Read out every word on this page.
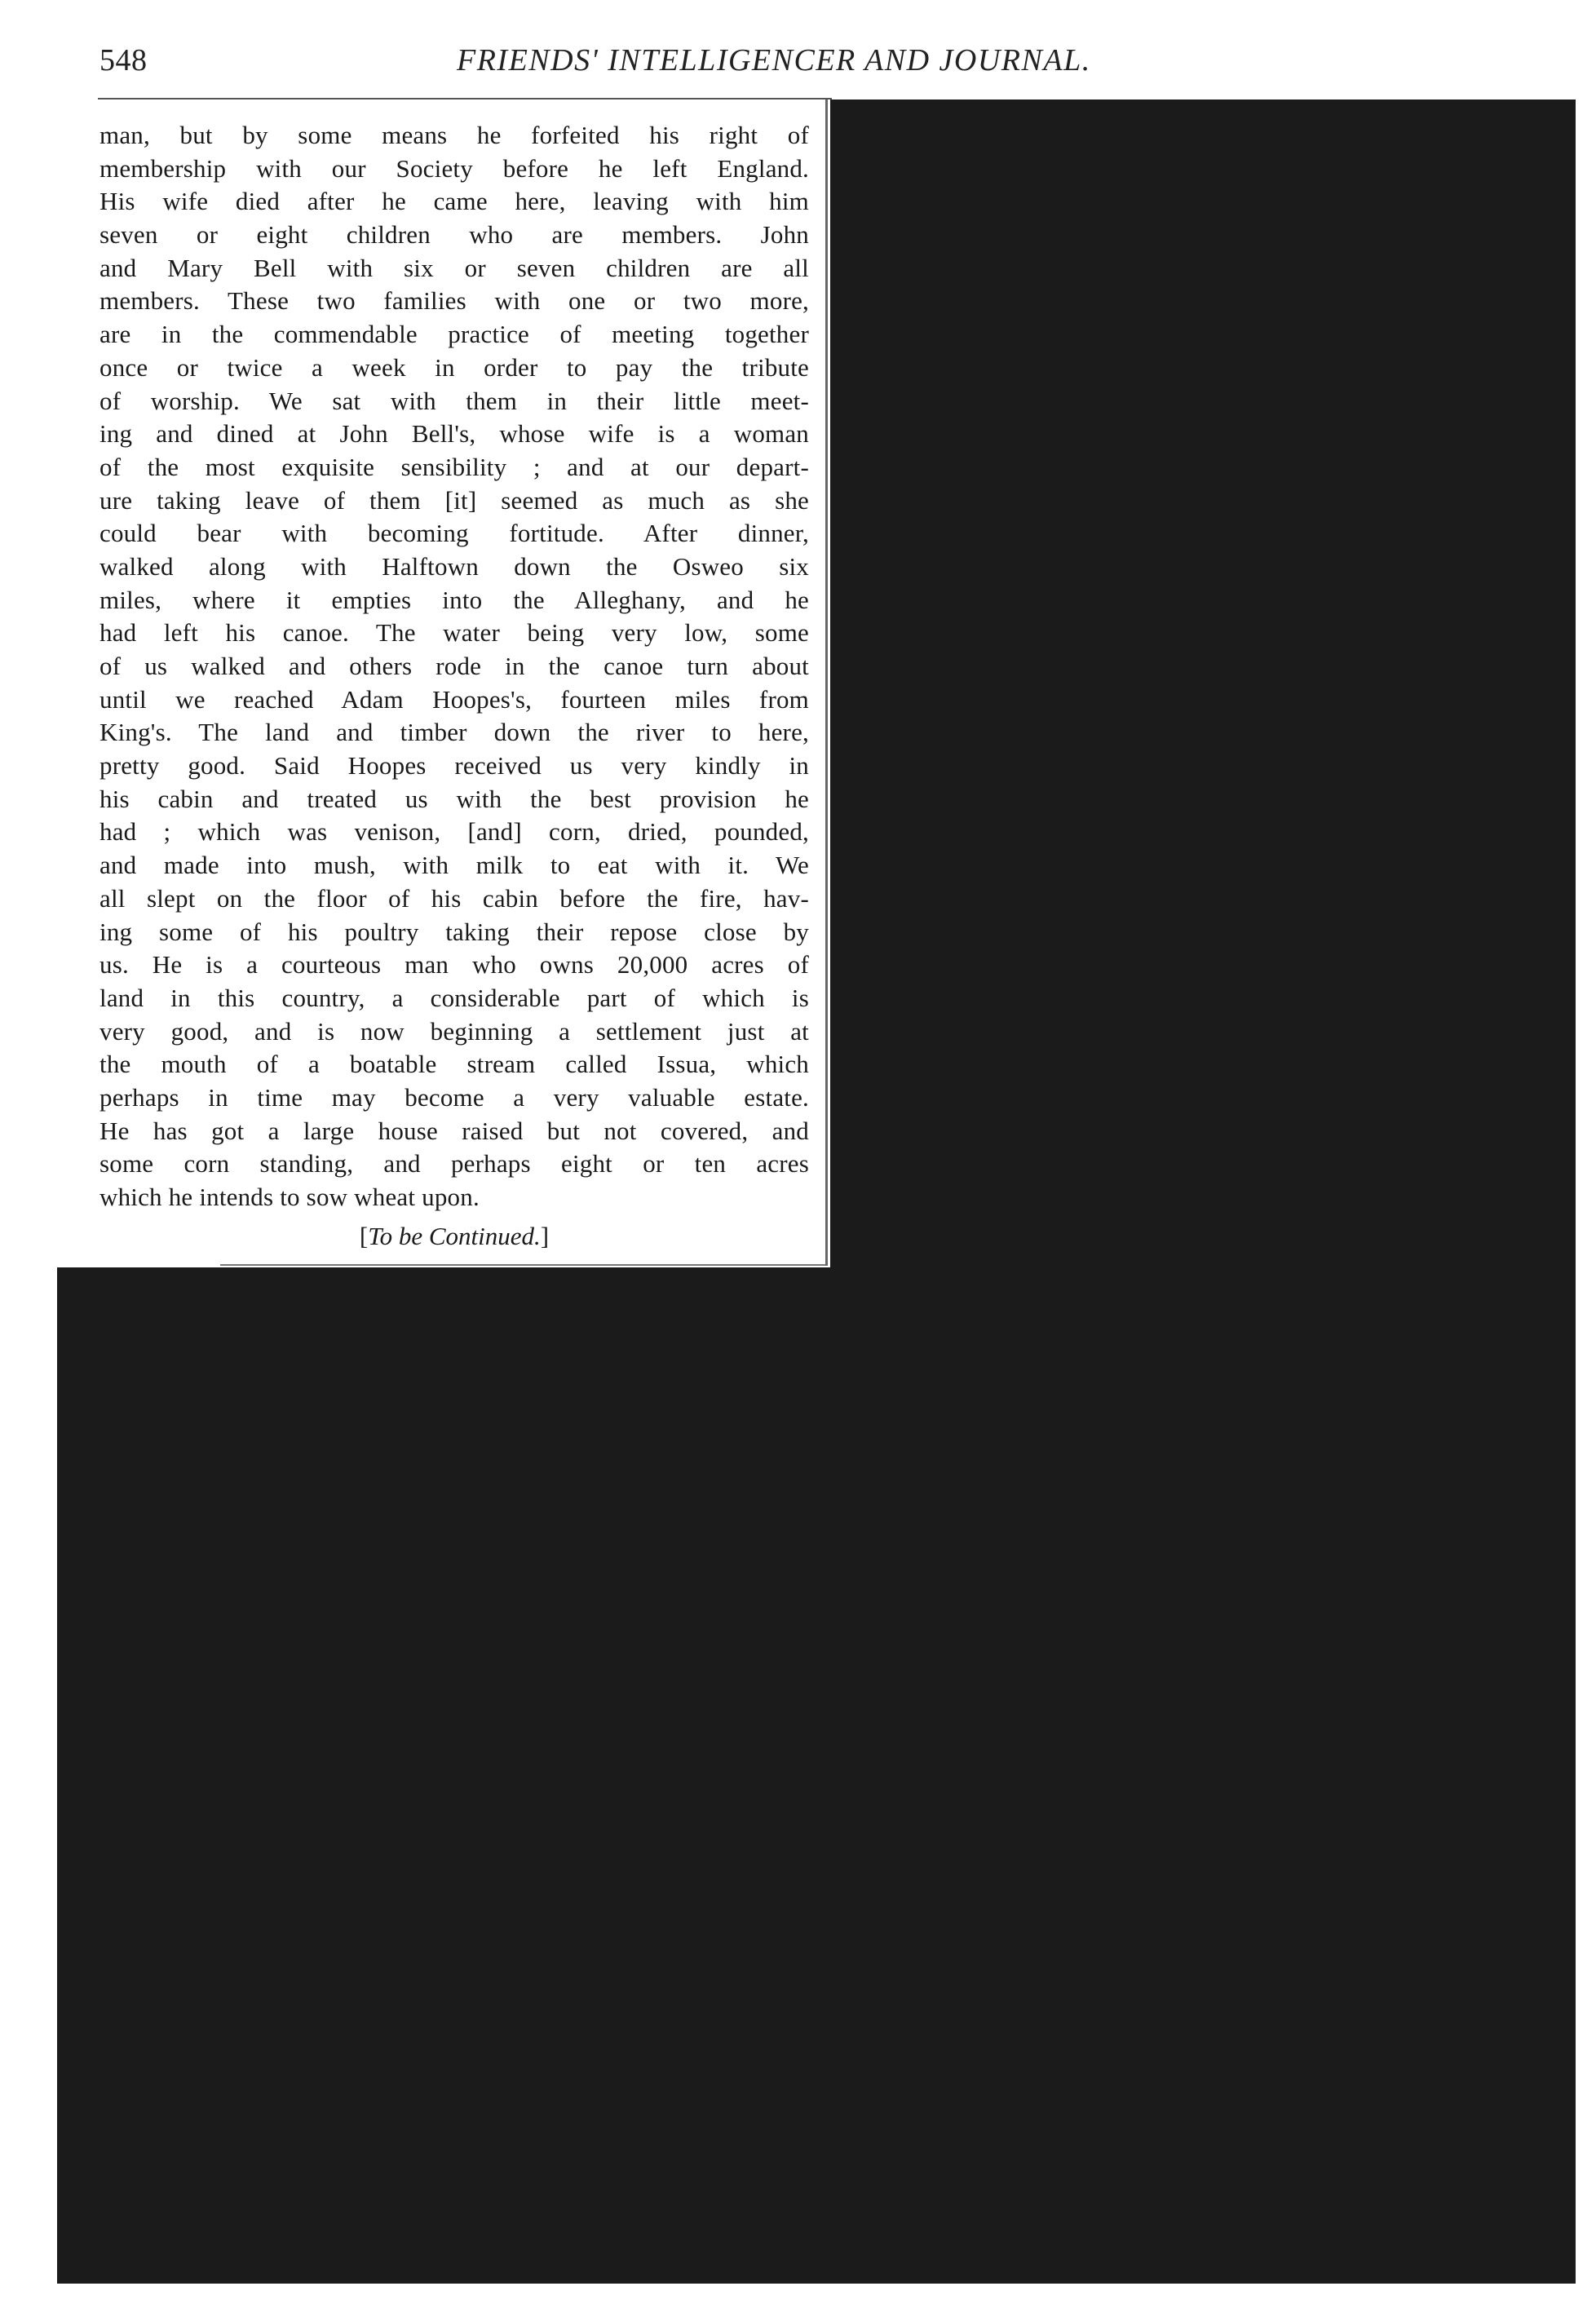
548	FRIENDS' INTELLIGENCER AND JOURNAL.
man, but by some means he forfeited his right of
membership with our Society before he left England.
His wife died after he came here, leaving with him
seven or eight children who are members. John
and Mary Bell with six or seven children are all
members. These two families with one or two more,
are in the commendable practice of meeting together
once or twice a week in order to pay the tribute
of worship. We sat with them in their little meet-
ing and dined at John Bell's, whose wife is a woman
of the most exquisite sensibility ; and at our depart-
ure taking leave of them [it] seemed as much as she
could bear with becoming fortitude. After dinner,
walked along with Halftown down the Osweo six
miles, where it empties into the Alleghany, and he
had left his canoe. The water being very low, some
of us walked and others rode in the canoe turn about
until we reached Adam Hoopes's, fourteen miles from
King's. The land and timber down the river to here,
pretty good. Said Hoopes received us very kindly in
his cabin and treated us with the best provision he
had ; which was venison, [and] corn, dried, pounded,
and made into mush, with milk to eat with it. We
all slept on the floor of his cabin before the fire, hav-
ing some of his poultry taking their repose close by
us. He is a courteous man who owns 20,000 acres of
land in this country, a considerable part of which is
very good, and is now beginning a settlement just at
the mouth of a boatable stream called Issua, which
perhaps in time may become a very valuable estate.
He has got a large house raised but not covered, and
some corn standing, and perhaps eight or ten acres
which he intends to sow wheat upon.
[To be Continued.]
